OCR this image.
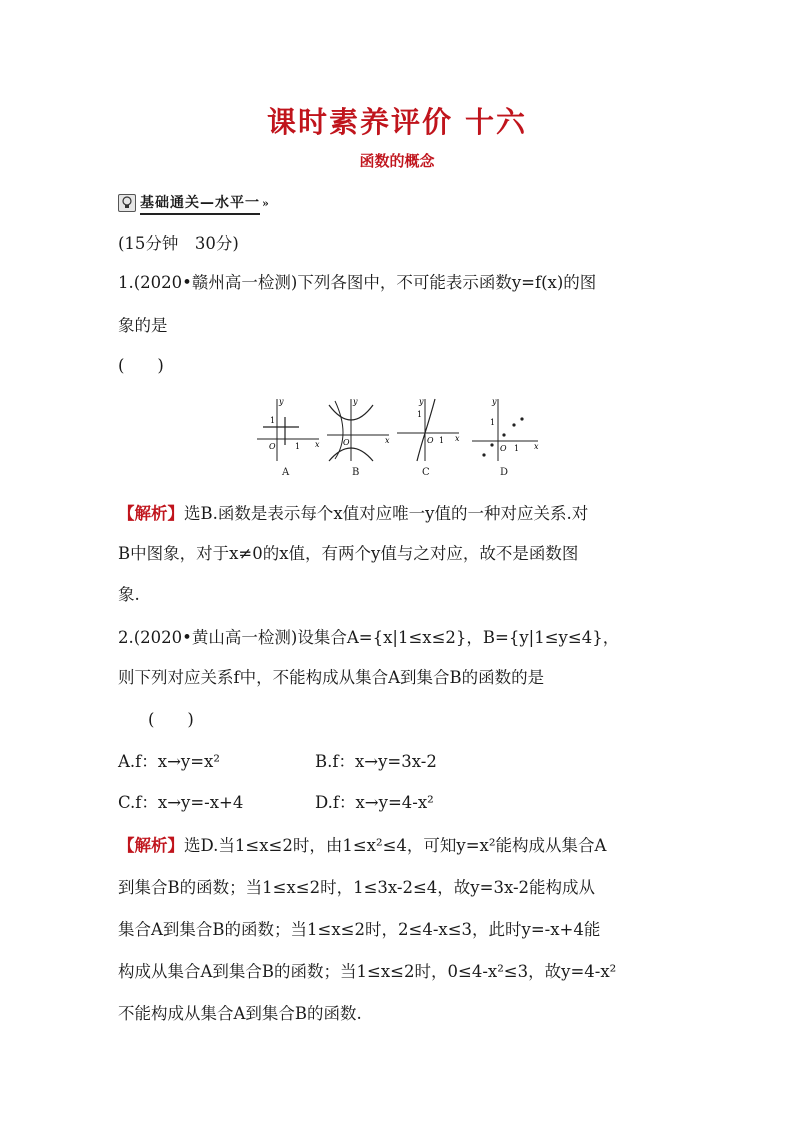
课时素养评价 十六
函数的概念
基础通关—水平一 »
(15分钟　30分)
1.(2020•赣州高一检测)下列各图中，不可能表示函数y=f(x)的图
象的是
(　　)
y
x
O 1
1
A
y
x
O
B
y
x
O 1
1
C
y
x
O 1
1
D
【解析】选B.函数是表示每个x值对应唯一y值的一种对应关系.对
B中图象，对于x≠0的x值，有两个y值与之对应，故不是函数图
象.
2.(2020•黄山高一检测)设集合A={x|1≤x≤2}，B={y|1≤y≤4}，
则下列对应关系f中，不能构成从集合A到集合B的函数的是
(　　)
A.f：x→y=x²	B.f：x→y=3x-2
C.f：x→y=-x+4	D.f：x→y=4-x²
【解析】选D.当1≤x≤2时，由1≤x²≤4，可知y=x²能构成从集合A
到集合B的函数；当1≤x≤2时，1≤3x-2≤4，故y=3x-2能构成从
集合A到集合B的函数；当1≤x≤2时，2≤4-x≤3，此时y=-x+4能
构成从集合A到集合B的函数；当1≤x≤2时，0≤4-x²≤3，故y=4-x²
不能构成从集合A到集合B的函数.
